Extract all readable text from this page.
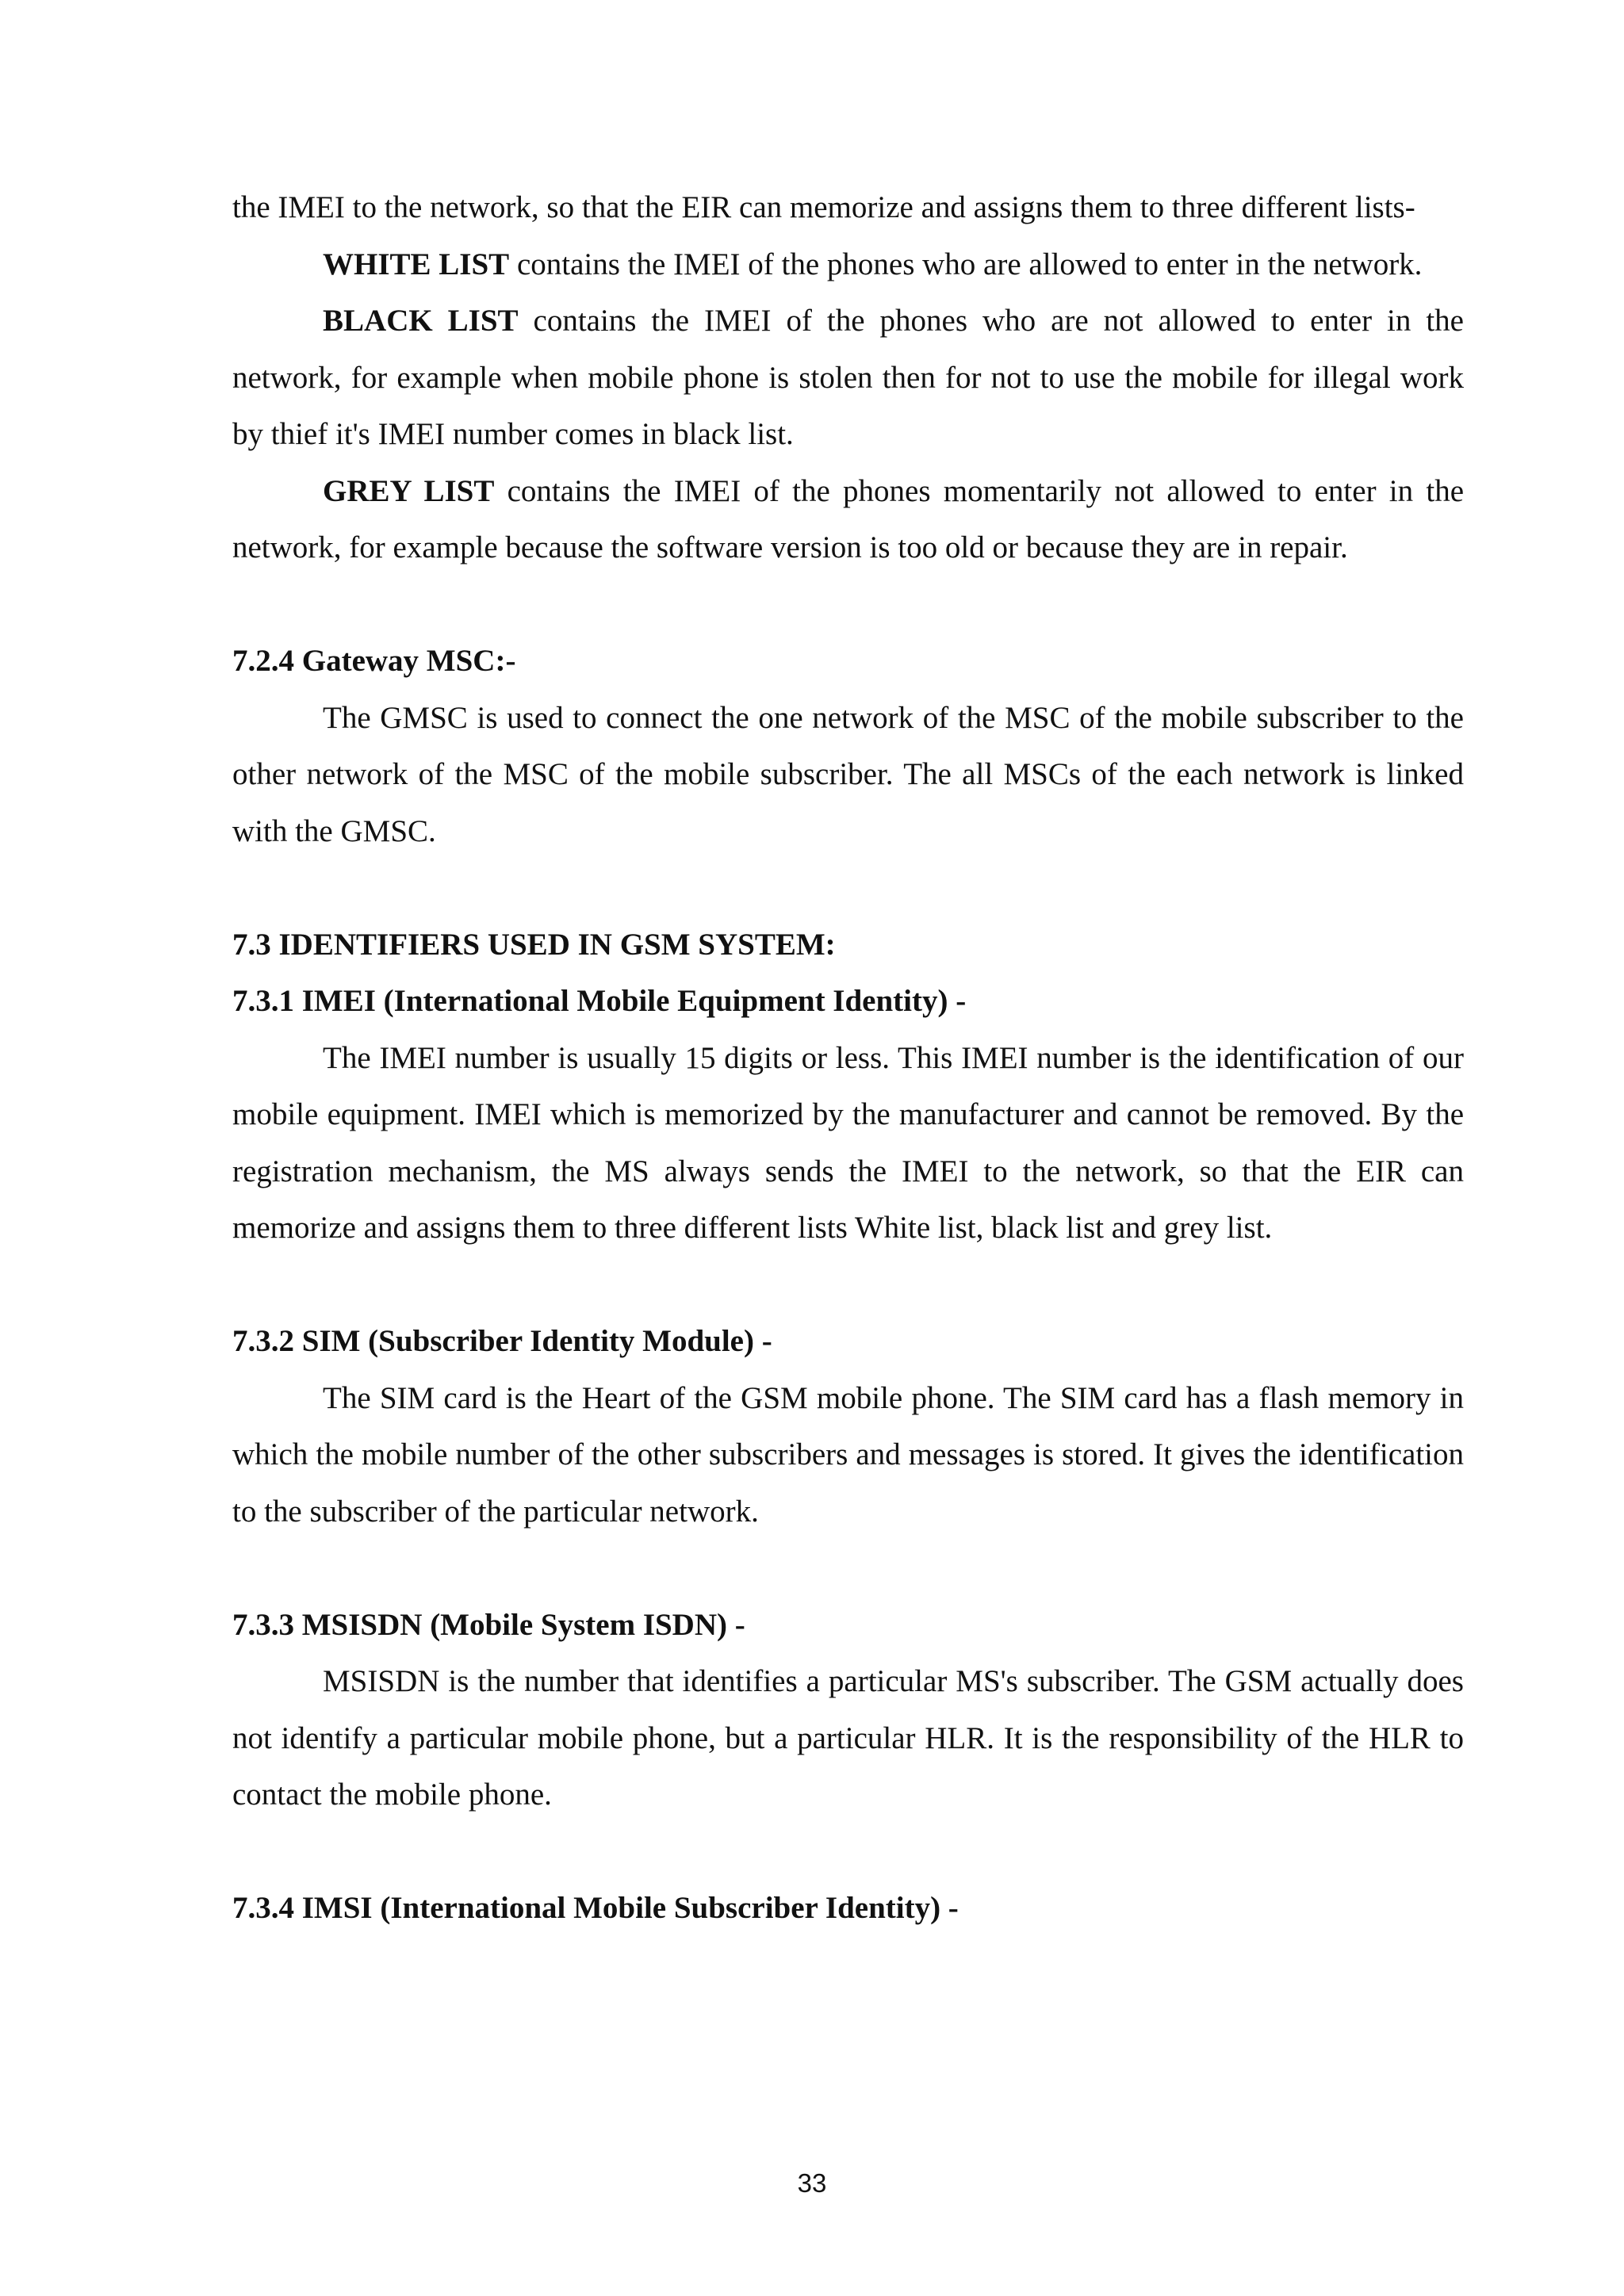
the IMEI to the network, so that the EIR can memorize and assigns them to three different lists-

WHITE LIST contains the IMEI of the phones who are allowed to enter in the network.

BLACK LIST contains the IMEI of the phones who are not allowed to enter in the network, for example when mobile phone is stolen then for not to use the mobile for illegal work by thief it's IMEI number comes in black list.

GREY LIST contains the IMEI of the phones momentarily not allowed to enter in the network, for example because the software version is too old or because they are in repair.

7.2.4 Gateway MSC:-

The GMSC is used to connect the one network of the MSC of the mobile subscriber to the other network of the MSC of the mobile subscriber. The all MSCs of the each network is linked with the GMSC.

7.3 IDENTIFIERS USED IN GSM SYSTEM:

7.3.1 IMEI (International Mobile Equipment Identity) -

The IMEI number is usually 15 digits or less. This IMEI number is the identification of our mobile equipment. IMEI which is memorized by the manufacturer and cannot be removed. By the registration mechanism, the MS always sends the IMEI to the network, so that the EIR can memorize and assigns them to three different lists White list, black list and grey list.

7.3.2 SIM (Subscriber Identity Module) -

The SIM card is the Heart of the GSM mobile phone. The SIM card has a flash memory in which the mobile number of the other subscribers and messages is stored. It gives the identification to the subscriber of the particular network.

7.3.3 MSISDN (Mobile System ISDN) -

MSISDN is the number that identifies a particular MS's subscriber. The GSM actually does not identify a particular mobile phone, but a particular HLR. It is the responsibility of the HLR to contact the mobile phone.

7.3.4 IMSI (International Mobile Subscriber Identity) -

33
